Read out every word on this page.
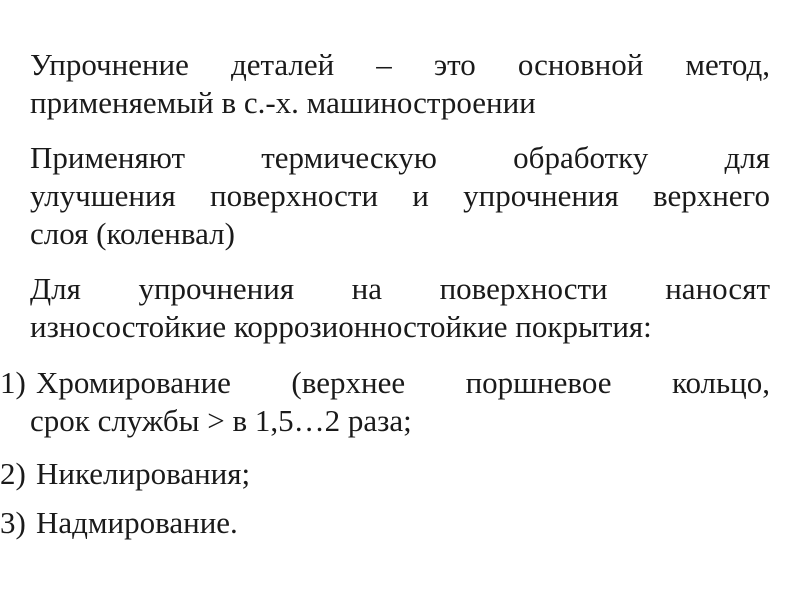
Упрочнение деталей – это основной метод,
применяемый в с.-х. машиностроении
Применяют термическую обработку для
улучшения поверхности и упрочнения верхнего
слоя (коленвал)
Для упрочнения на поверхности наносят
износостойкие коррозионностойкие покрытия:
1) Хромирование (верхнее поршневое кольцо,
срок службы > в 1,5…2 раза;
2) Никелирования;
3) Надмирование.
